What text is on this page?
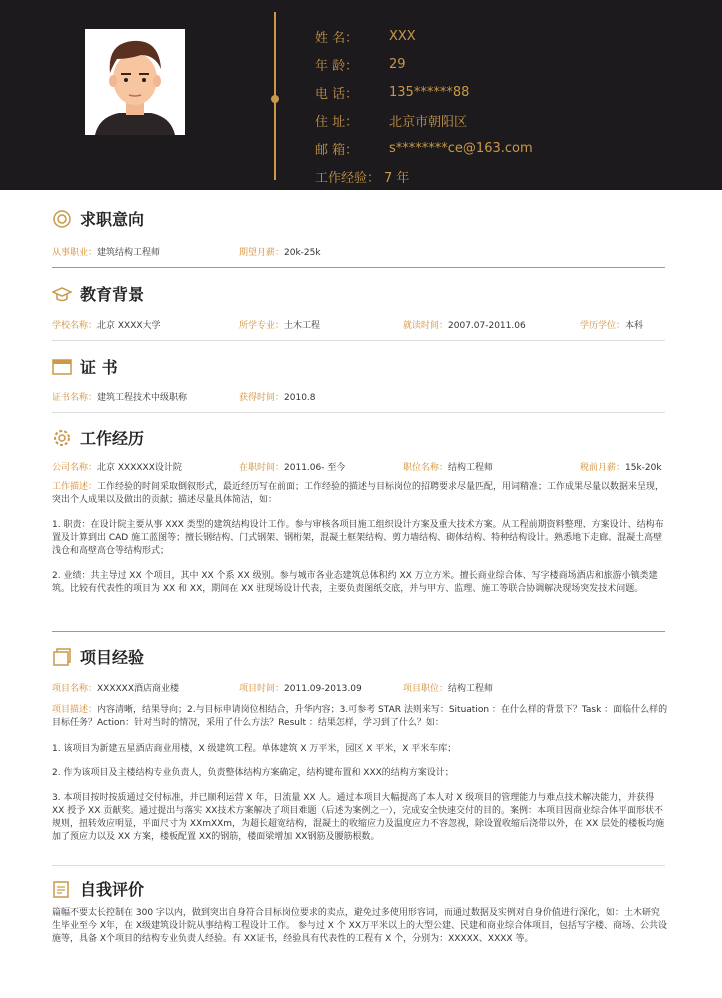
姓 名：	XXX
年 龄：	29
电 话：	135******88
住 址：	北京市朝阳区
邮 箱：	s********ce@163.com
工作经验： 7 年
求职意向
从事职业：建筑结构工程师	期望月薪：20k-25k
教育背景
学校名称：北京 XXXX大学	所学专业：土木工程	就读时间：2007.07-2011.06	学历学位：本科
证 书
证书名称：建筑工程技术中级职称	获得时间：2010.8
工作经历
公司名称：北京 XXXXXX设计院	在职时间：2011.06- 至今	职位名称：结构工程师	税前月薪：15k-20k
工作描述：工作经验的时间采取倒叙形式，最近经历写在前面；工作经验的描述与目标岗位的招聘要求尽量匹配，用词精准；工作成果尽量以数据来呈现，突出个人成果以及做出的贡献；描述尽量具体简洁，如：
1. 职责：在设计院主要从事 XXX 类型的建筑结构设计工作。参与审核各项目施工组织设计方案及重大技术方案。从工程前期资料整理、方案设计、结构布置及计算到出 CAD 施工蓝图等；擅长钢结构、门式钢架、钢桁架，混凝土框架结构、剪力墙结构、砌体结构、特种结构设计。熟悉地下走廊、混凝土高壁浅仓和高壁高仓等结构形式；
2. 业绩：共主导过 XX 个项目，其中 XX 个系 XX 级别。参与城市各业态建筑总体积约 XX 万立方米。擅长商业综合体、写字楼商场酒店和旅游小镇类建筑。比较有代表性的项目为 XX 和 XX，期间在 XX 驻现场设计代表，主要负责图纸交底，并与甲方、监理、施工等联合协调解决现场突发技术问题。
项目经验
项目名称：XXXXXX酒店商业楼	项目时间：2011.09-2013.09	项目职位：结构工程师
项目描述：内容清晰，结果导向；2.与目标申请岗位相结合，升华内容；3.可参考 STAR 法则来写：Situation ：在什么样的背景下？Task ：面临什么样的目标任务？Action：针对当时的情况，采用了什么方法？Result ：结果怎样，学习到了什么？如：
1. 该项目为新建五星酒店商业用楼，X 级建筑工程。单体建筑 X 万平米，园区 X 平米，X 平米车库；
2. 作为该项目及主楼结构专业负责人，负责整体结构方案确定，结构键布置和 XXX的结构方案设计；
3. 本项目按时按质通过交付标准，并已顺利运营 X 年，日流量 XX 人。通过本项目大幅提高了本人对 X 级项目的管理能力与难点技术解决能力，并获得 XX 授予 XX 贡献奖。通过提出与落实 XX技术方案解决了项目难题（后述为案例之一），完成安全快速交付的目的。案例：本项目因商业综合体平面形状不规则，扭转效应明显，平面尺寸为 XXmXXm，为超长超宽结构，混凝土的收缩应力及温度应力不容忽视，除设置收缩后浇带以外，在 XX 层处的楼板均施加了预应力以及 XX 方案，楼板配置 XX的钢筋，楼面梁增加 XX钢筋及腰筋根数。
自我评价
篇幅不要太长控制在 300 字以内，做到突出自身符合目标岗位要求的卖点，避免过多使用形容词，而通过数据及实例对自身价值进行深化，如：土木研究生毕业至今 X年，在 X级建筑设计院从事结构工程设计工作。 参与过 X 个 XX万平米以上的大型公建、民建和商业综合体项目，包括写字楼、商场、公共设施等，具备 X个项目的结构专业负责人经验。有 XX证书，经验具有代表性的工程有 X 个，分别为：XXXXX、XXXX 等。
